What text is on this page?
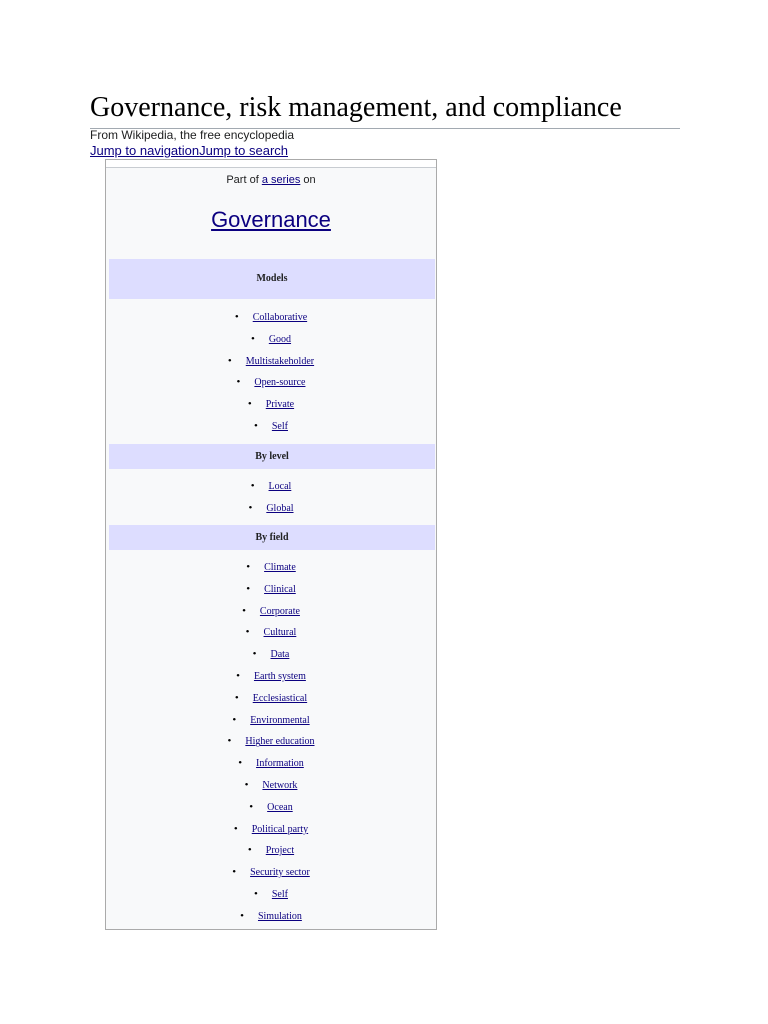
Governance, risk management, and compliance
From Wikipedia, the free encyclopedia
Jump to navigationJump to search
Part of a series on
Governance
Models
• Collaborative
• Good
• Multistakeholder
• Open-source
• Private
• Self
By level
• Local
• Global
By field
• Climate
• Clinical
• Corporate
• Cultural
• Data
• Earth system
• Ecclesiastical
• Environmental
• Higher education
• Information
• Network
• Ocean
• Political party
• Project
• Security sector
• Self
• Simulation
